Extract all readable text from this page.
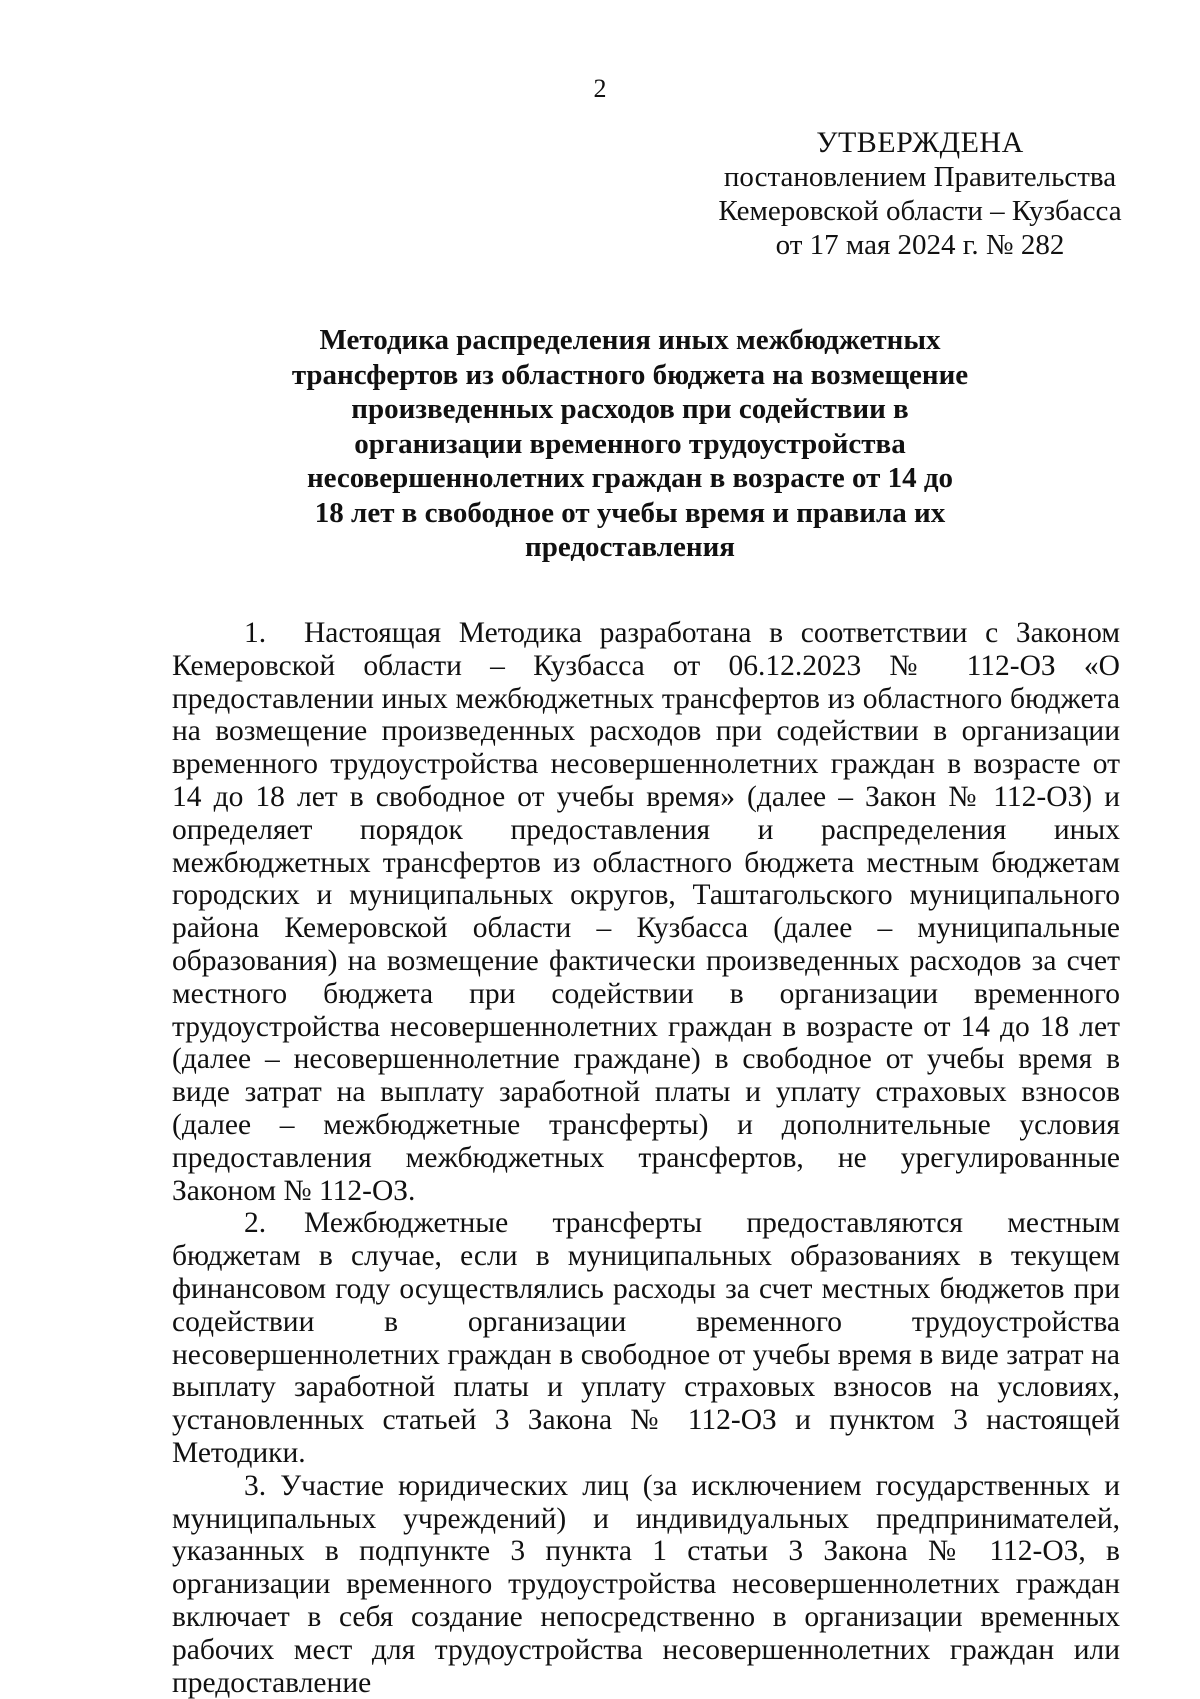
2

УТВЕРЖДЕНА
постановлением Правительства
Кемеровской области – Кузбасса
от 17 мая 2024 г. № 282
Методика распределения иных межбюджетных
трансфертов из областного бюджета на возмещение
произведенных расходов при содействии в
организации временного трудоустройства
несовершеннолетних граждан в возрасте от 14 до
18 лет в свободное от учебы время и правила их
предоставления

1. Настоящая Методика разработана в соответствии с Законом Кемеровской области – Кузбасса от 06.12.2023 № 112-ОЗ «О предоставлении иных межбюджетных трансфертов из областного бюджета на возмещение произведенных расходов при содействии в организации временного трудоустройства несовершеннолетних граждан в возрасте от 14 до 18 лет в свободное от учебы время» (далее – Закон № 112-ОЗ) и определяет порядок предоставления и распределения иных межбюджетных трансфертов из областного бюджета местным бюджетам городских и муниципальных округов, Таштагольского муниципального района Кемеровской области – Кузбасса (далее – муниципальные образования) на возмещение фактически произведенных расходов за счет местного бюджета при содействии в организации временного трудоустройства несовершеннолетних граждан в возрасте от 14 до 18 лет (далее – несовершеннолетние граждане) в свободное от учебы время в виде затрат на выплату заработной платы и уплату страховых взносов (далее – межбюджетные трансферты) и дополнительные условия предоставления межбюджетных трансфертов, не урегулированные Законом № 112-ОЗ.

2. Межбюджетные трансферты предоставляются местным бюджетам в случае, если в муниципальных образованиях в текущем финансовом году осуществлялись расходы за счет местных бюджетов при содействии в организации временного трудоустройства несовершеннолетних граждан в свободное от учебы время в виде затрат на выплату заработной платы и уплату страховых взносов на условиях, установленных статьей 3 Закона № 112-ОЗ и пунктом 3 настоящей Методики.

3. Участие юридических лиц (за исключением государственных и муниципальных учреждений) и индивидуальных предпринимателей, указанных в подпункте 3 пункта 1 статьи 3 Закона № 112-ОЗ, в организации временного трудоустройства несовершеннолетних граждан включает в себя создание непосредственно в организации временных рабочих мест для трудоустройства несовершеннолетних граждан или предоставление
